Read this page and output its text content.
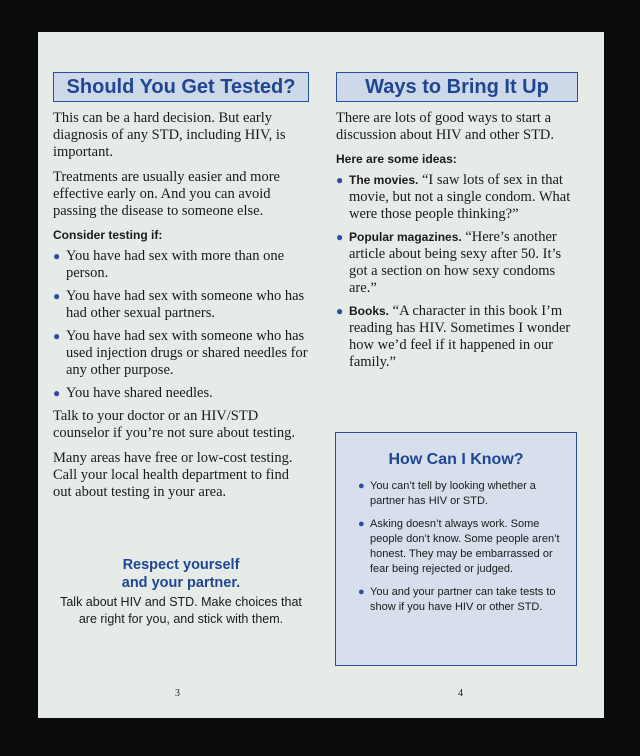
Should You Get Tested?

This can be a hard decision. But early diagnosis of any STD, including HIV, is important.

Treatments are usually easier and more effective early on. And you can avoid passing the disease to someone else.

Consider testing if:
● You have had sex with more than one person.
● You have had sex with someone who has had other sexual partners.
● You have had sex with someone who has used injection drugs or shared needles for any other purpose.
● You have shared needles.

Talk to your doctor or an HIV/STD counselor if you’re not sure about testing.

Many areas have free or low-cost testing. Call your local health department to find out about testing in your area.

Respect yourself
and your partner.
Talk about HIV and STD. Make choices that are right for you, and stick with them.
Ways to Bring It Up

There are lots of good ways to start a discussion about HIV and other STD.

Here are some ideas:
● The movies. “I saw lots of sex in that movie, but not a single condom. What were those people thinking?”
● Popular magazines. “Here’s another article about being sexy after 50. It’s got a section on how sexy condoms are.”
● Books. “A character in this book I’m reading has HIV. Sometimes I wonder how we’d feel if it happened in our family.”
How Can I Know?
● You can’t tell by looking whether a partner has HIV or STD.
● Asking doesn’t always work. Some people don’t know. Some people aren’t honest. They may be embarrassed or fear being rejected or judged.
● You and your partner can take tests to show if you have HIV or other STD.
3	4
